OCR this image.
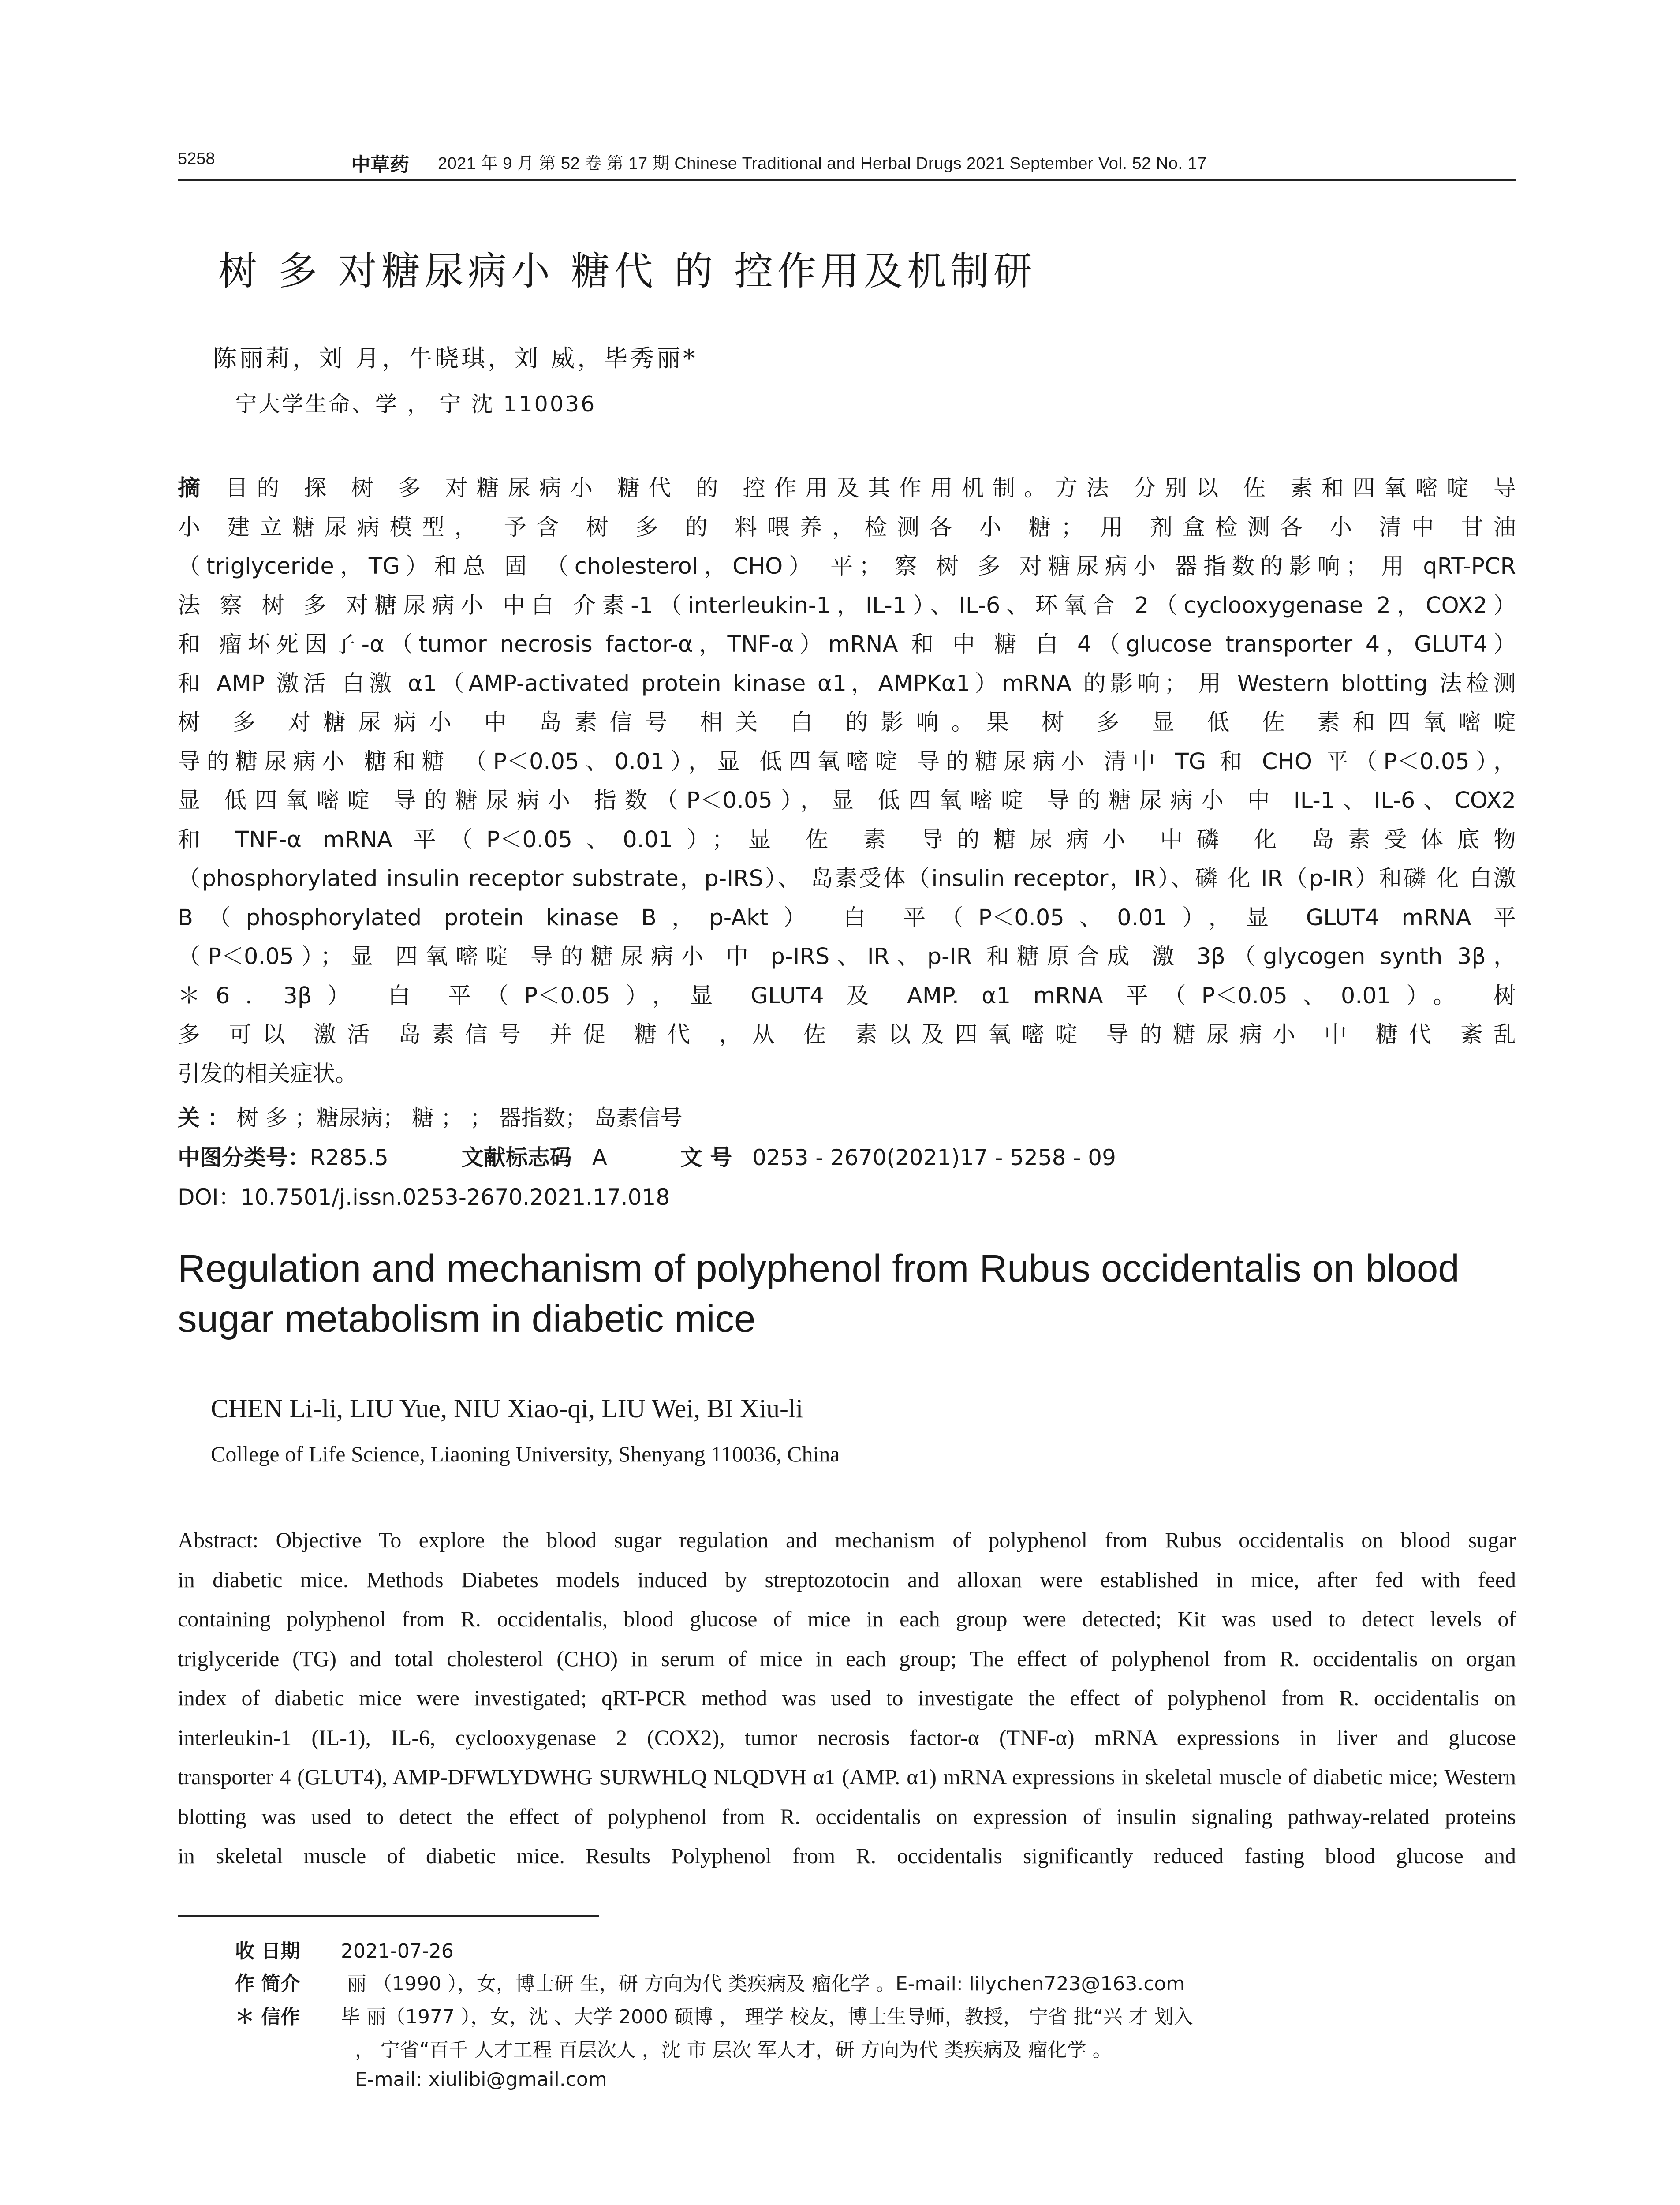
5258	中草药 2021 年 9 月 第 52 卷 第 17 期 Chinese Traditional and Herbal Drugs 2021 September Vol. 52 No. 17
树 多 对糖尿病小 糖代 的 控作用及机制研
陈丽莉，刘 月，牛晓琪，刘 威，毕秀丽*
宁大学生命、学 ， 宁 沈 110036
摘 目的 探 树 多 对糖尿病小 糖代 的 控作用及其作用机制。方法 分别以 佐 素和四氧嘧啶 导
小 建立糖尿病模型， 予含 树 多 的 料喂养，检测各 小 糖； 用 剂盒检测各 小 清中 甘油
（triglyceride，TG）和总 固 （cholesterol，CHO） 平； 察 树 多 对糖尿病小 器指数的影响； 用 qRT-PCR
法 察 树 多 对糖尿病小 中白 介素-1（interleukin-1，IL-1）、IL-6、环氧合 2（cyclooxygenase 2，COX2）
和 瘤坏死因子-α（tumor necrosis factor-α，TNF-α）mRNA 和 中 糖 白 4（glucose transporter 4，GLUT4）
和 AMP 激活 白激 α1（AMP-activated protein kinase α1，AMPKα1）mRNA 的影响； 用 Western blotting 法检测
树 多 对糖尿病小 中 岛素信号 相关 白 的影响。果 树 多 显 低 佐 素和四氧嘧啶
导的糖尿病小 糖和糖 （P＜0.05、0.01），显 低四氧嘧啶 导的糖尿病小 清中 TG 和 CHO 平（P＜0.05），
显 低四氧嘧啶 导的糖尿病小 指数（P＜0.05），显 低四氧嘧啶 导的糖尿病小 中 IL-1、IL-6、COX2
和 TNF-α mRNA 平（P＜0.05、0.01）；显 佐 素 导的糖尿病小 中磷 化 岛素受体底物
（phosphorylated insulin receptor substrate，p-IRS）、 岛素受体（insulin receptor，IR）、磷 化 IR（p-IR）和磷 化 白激
B（phosphorylated protein kinase B，p-Akt） 白 平（P＜0.05、0.01），显 GLUT4 mRNA 平
（P＜0.05）；显 四氧嘧啶 导的糖尿病小 中 p-IRS、IR、p-IR 和糖原合成 激 3β（glycogen synth 3β，
＊6．3β） 白 平（P＜0.05），显 GLUT4 及 AMP. α1 mRNA 平（P＜0.05、0.01）。 树
多 可以 激活 岛素信号 并促 糖代 ，从 佐 素以及四氧嘧啶 导的糖尿病小 中 糖代 紊乱
引发的相关症状。
关 ： 树 多 ；糖尿病； 糖 ； ； 器指数； 岛素信号
中图分类号：R285.5	文献标志码 A	文 号 0253 - 2670(2021)17 - 5258 - 09
DOI：10.7501/j.issn.0253-2670.2021.17.018
Regulation and mechanism of polyphenol from Rubus occidentalis on blood sugar metabolism in diabetic mice
CHEN Li-li, LIU Yue, NIU Xiao-qi, LIU Wei, BI Xiu-li
College of Life Science, Liaoning University, Shenyang 110036, China
Abstract: Objective To explore the blood sugar regulation and mechanism of polyphenol from Rubus occidentalis on blood sugar
in diabetic mice. Methods Diabetes models induced by streptozotocin and alloxan were established in mice, after fed with feed
containing polyphenol from R. occidentalis, blood glucose of mice in each group were detected; Kit was used to detect levels of
triglyceride (TG) and total cholesterol (CHO) in serum of mice in each group; The effect of polyphenol from R. occidentalis on organ
index of diabetic mice were investigated; qRT-PCR method was used to investigate the effect of polyphenol from R. occidentalis on
interleukin-1 (IL-1), IL-6, cyclooxygenase 2 (COX2), tumor necrosis factor-α (TNF-α) mRNA expressions in liver and glucose
transporter 4 (GLUT4), AMP-DFWLYDWHG SURWHLQ NLQDVH α1 (AMP. α1) mRNA expressions in skeletal muscle of diabetic mice; Western
blotting was used to detect the effect of polyphenol from R. occidentalis on expression of insulin signaling pathway-related proteins
in skeletal muscle of diabetic mice. Results Polyphenol from R. occidentalis significantly reduced fasting blood glucose and
收 日期 2021-07-26
作 简介 丽 （1990 ），女，博士研 生，研 方向为代 类疾病及 瘤化学 。E-mail: lilychen723@163.com
＊ 信作 毕 丽（1977 ），女，沈 、大学 2000 硕博 ， 理学 校友，博士生导师，教授， 宁省 批“兴 才 划入
， 宁省“百千 人才工程 百层次人 ，沈 市 层次 军人才，研 方向为代 类疾病及 瘤化学 。
E-mail: xiulibi@gmail.com
